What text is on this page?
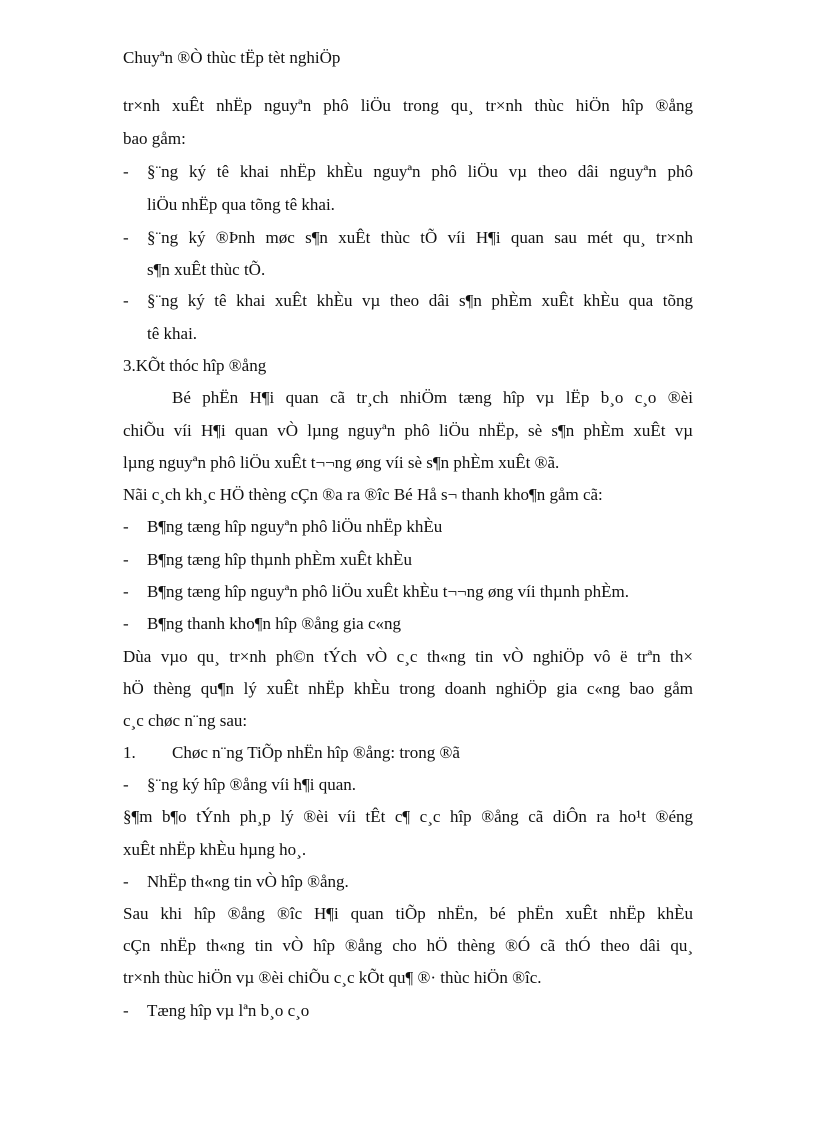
Chuyªn ®Ò thùc tËp tèt nghiÖp
tr×nh xuÊt nhËp nguyªn phô liÖu trong qu¸ tr×nh thùc hiÖn hîp ®ång
bao gåm:
- §¨ng ký tê khai nhËp khÈu nguyªn phô liÖu vµ theo dâi nguyªn phô
liÖu nhËp qua tõng tê khai.
- §¨ng ký ®Þnh møc s¶n xuÊt thùc tÕ víi H¶i quan sau mét qu¸ tr×nh
s¶n xuÊt thùc tÕ.
- §¨ng ký tê khai xuÊt khÈu vµ theo dâi s¶n phÈm xuÊt khÈu qua tõng
tê khai.
3.KÕt thóc hîp ®ång
Bé phËn H¶i quan cã tr¸ch nhiÖm tæng hîp vµ lËp b¸o c¸o ®èi
chiÕu víi H¶i quan vÒ lµng nguyªn phô liÖu nhËp, sè s¶n phÈm xuÊt vµ
lµng nguyªn phô liÖu xuÊt t¬¬ng øng víi sè s¶n phÈm xuÊt ®ã.
Nãi c¸ch kh¸c HÖ thèng cÇn ®a ra ®îc Bé Hå s¬ thanh kho¶n gåm cã:
- B¶ng tæng hîp nguyªn phô liÖu nhËp khÈu
- B¶ng tæng hîp thµnh phÈm xuÊt khÈu
- B¶ng tæng hîp nguyªn phô liÖu xuÊt khÈu t¬¬ng øng víi thµnh phÈm.
- B¶ng thanh kho¶n hîp ®ång gia c«ng
Dùa vµo qu¸ tr×nh ph©n tÝch vÒ c¸c th«ng tin vÒ nghiÖp vô ë trªn th×
hÖ thèng qu¶n lý xuÊt nhËp khÈu trong doanh nghiÖp gia c«ng bao gåm
c¸c chøc n¨ng sau:
1. Chøc n¨ng TiÕp nhËn hîp ®ång: trong ®ã
- §¨ng ký hîp ®ång víi h¶i quan.
§¶m b¶o tÝnh ph¸p lý ®èi víi tÊt c¶ c¸c hîp ®ång cã diÔn ra ho¹t ®éng
xuÊt nhËp khÈu hµng ho¸.
- NhËp th«ng tin vÒ hîp ®ång.
Sau khi hîp ®ång ®îc H¶i quan tiÕp nhËn, bé phËn xuÊt nhËp khÈu
cÇn nhËp th«ng tin vÒ hîp ®ång cho hÖ thèng ®Ó cã thÓ theo dâi qu¸
tr×nh thùc hiÖn vµ ®èi chiÕu c¸c kÕt qu¶ ®· thùc hiÖn ®îc.
- Tæng hîp vµ lªn b¸o c¸o
